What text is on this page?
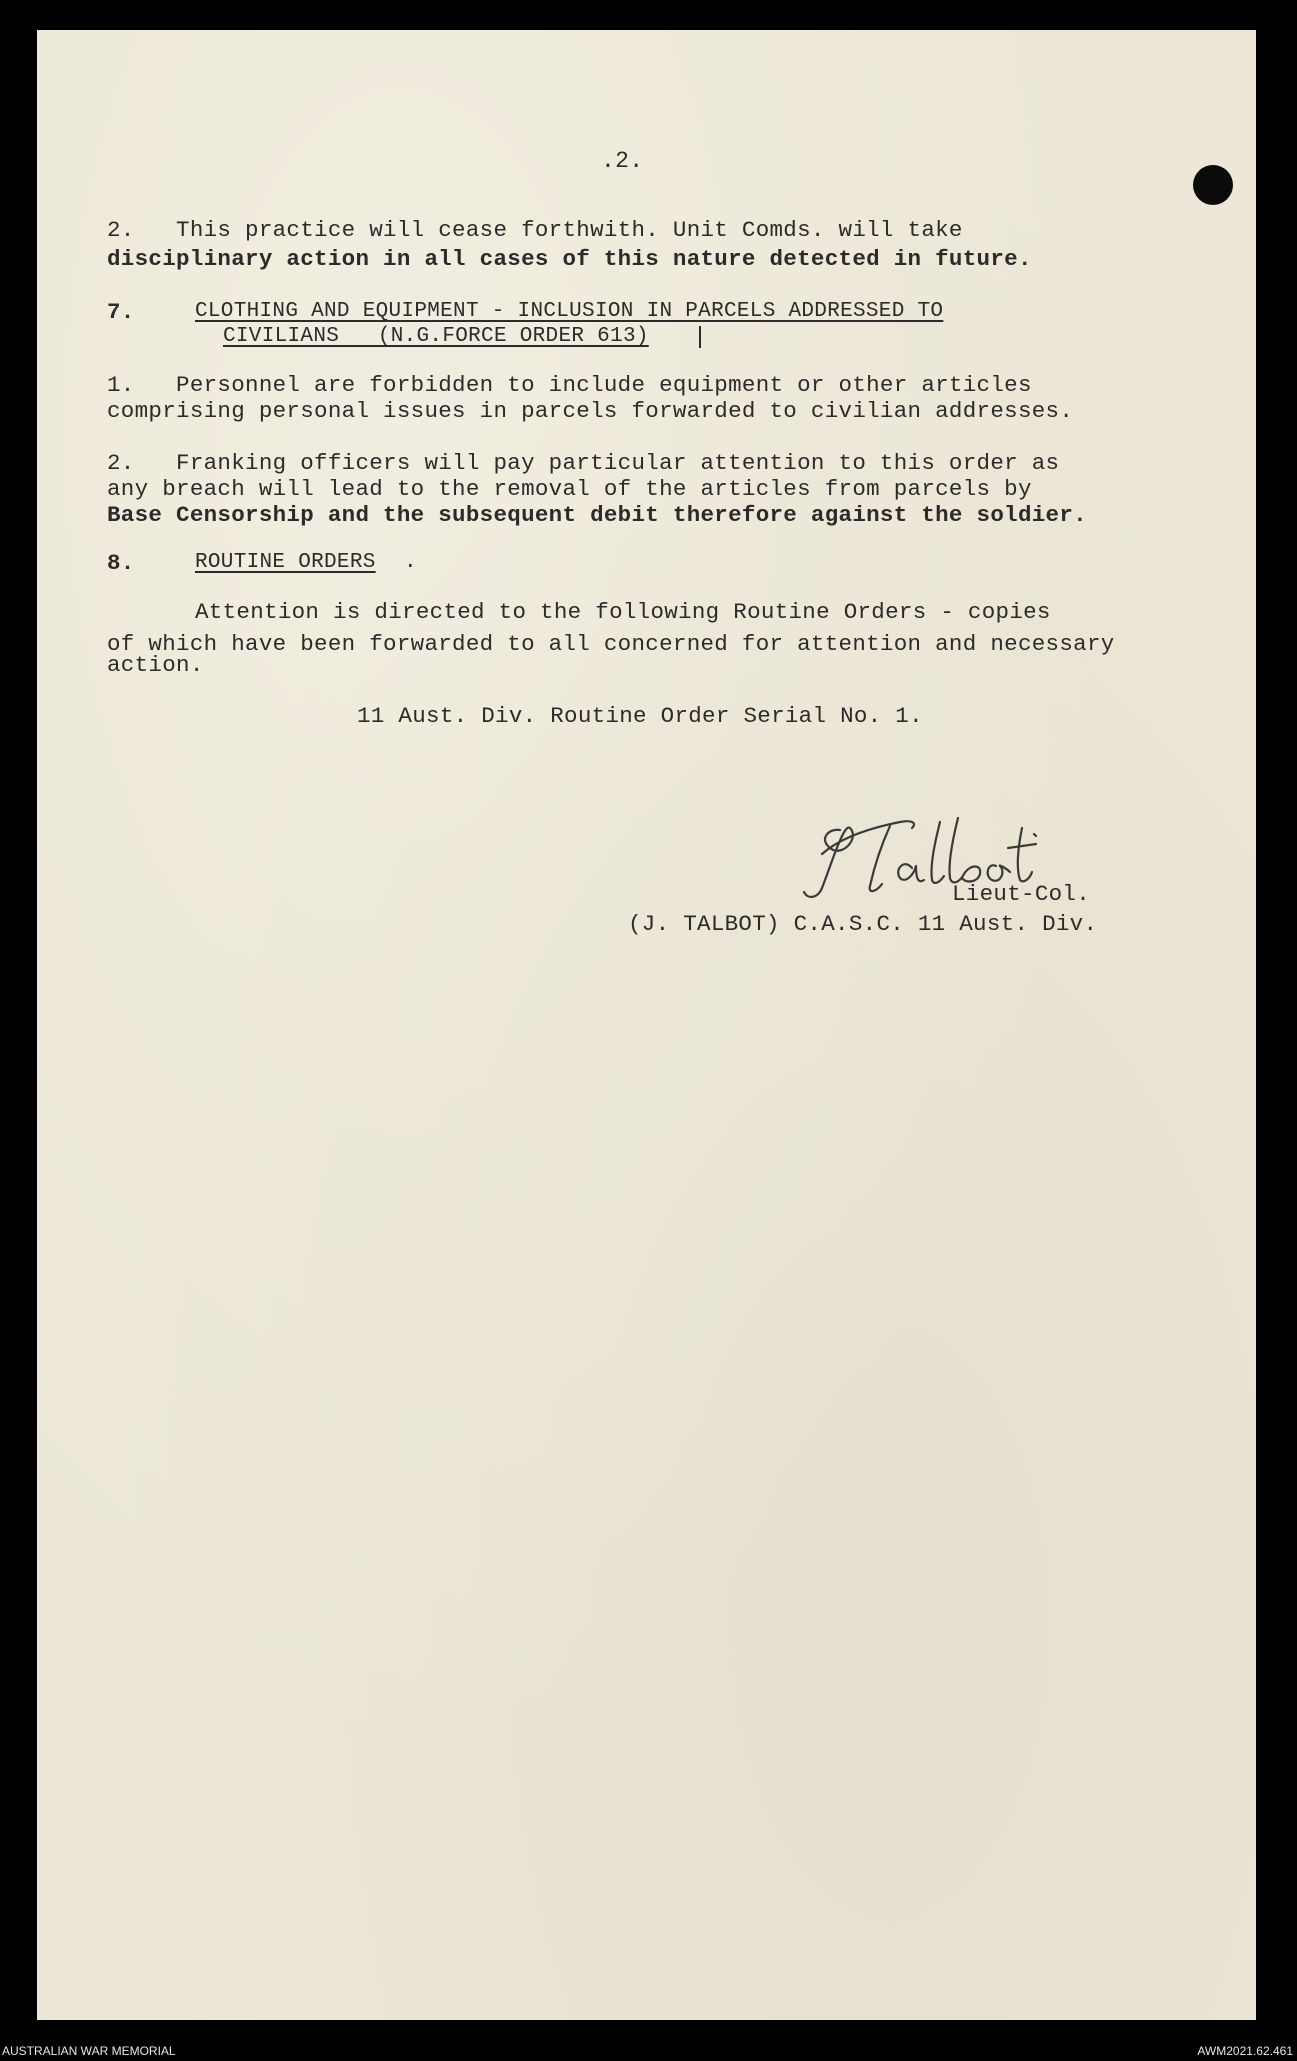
.2.
2.   This practice will cease forthwith. Unit Comds. will take
disciplinary action in all cases of this nature detected in future.
7.	CLOTHING AND EQUIPMENT - INCLUSION IN PARCELS ADDRESSED TO
CIVILIANS   (N.G.FORCE ORDER 613)
1.   Personnel are forbidden to include equipment or other articles
comprising personal issues in parcels forwarded to civilian addresses.
2.   Franking officers will pay particular attention to this order as
any breach will lead to the removal of the articles from parcels by
Base Censorship and the subsequent debit therefore against the soldier.
8.	ROUTINE ORDERS .
Attention is directed to the following Routine Orders - copies
of which have been forwarded to all concerned for attention and necessary
action.
11 Aust. Div. Routine Order Serial No. 1.
Lieut-Col.
(J. TALBOT) C.A.S.C. 11 Aust. Div.
AUSTRALIAN WAR MEMORIAL	AWM2021.62.461
